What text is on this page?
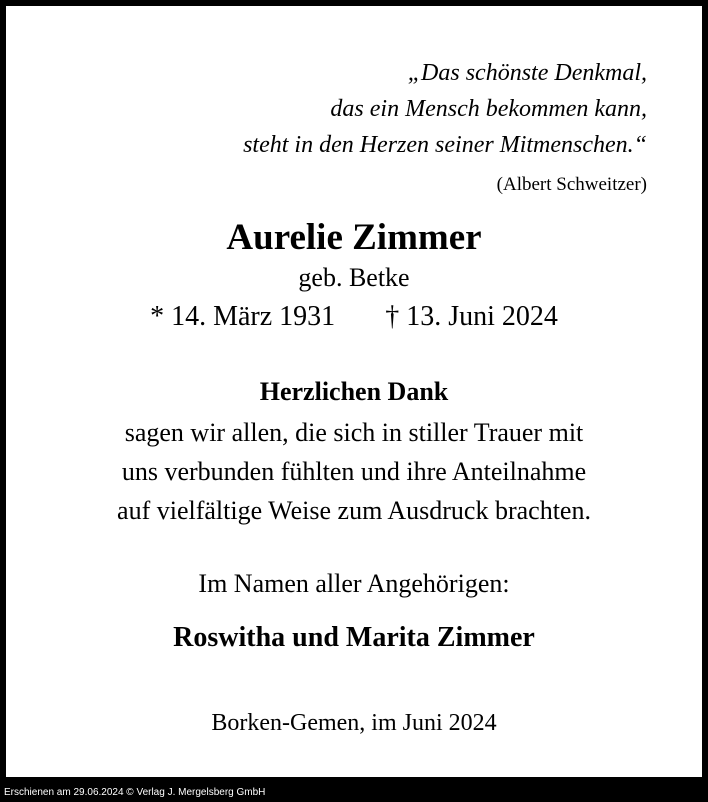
„Das schönste Denkmal,
das ein Mensch bekommen kann,
steht in den Herzen seiner Mitmenschen.“
(Albert Schweitzer)
Aurelie Zimmer
geb. Betke
* 14. März 1931 † 13. Juni 2024
Herzlichen Dank
sagen wir allen, die sich in stiller Trauer mit
uns verbunden fühlten und ihre Anteilnahme
auf vielfältige Weise zum Ausdruck brachten.
Im Namen aller Angehörigen:
Roswitha und Marita Zimmer
Borken-Gemen, im Juni 2024
Erschienen am 29.06.2024 © Verlag J. Mergelsberg GmbH
